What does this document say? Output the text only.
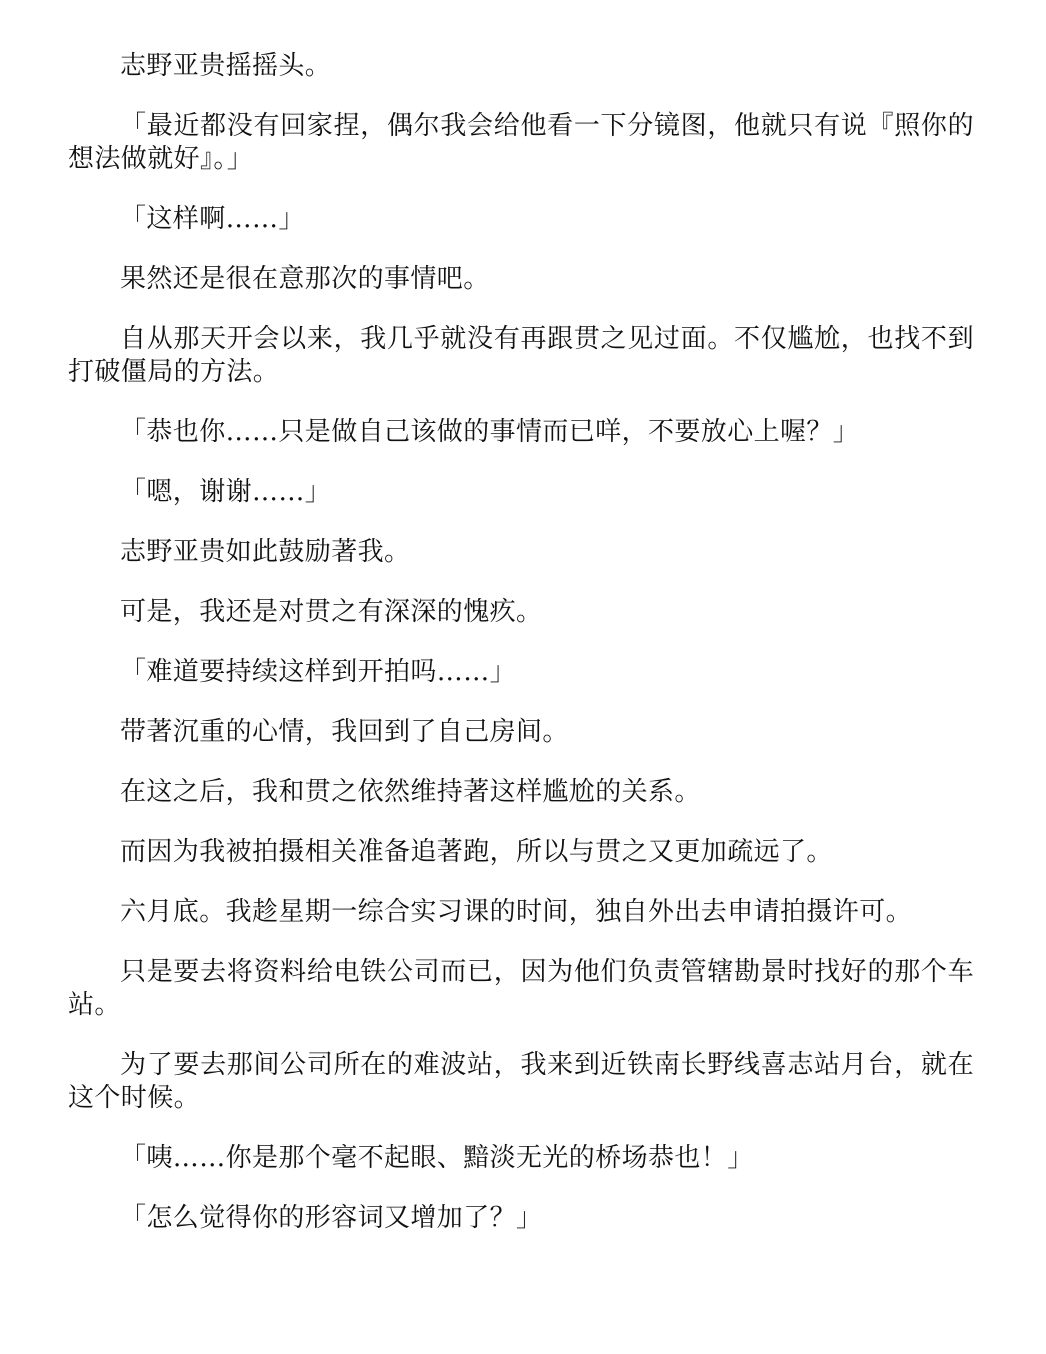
志野亚贵摇摇头。

「最近都没有回家捏，偶尔我会给他看一下分镜图，他就只有说『照你的想法做就好』。」

「这样啊……」

果然还是很在意那次的事情吧。

自从那天开会以来，我几乎就没有再跟贯之见过面。不仅尴尬，也找不到打破僵局的方法。

「恭也你……只是做自己该做的事情而已咩，不要放心上喔？」

「嗯，谢谢……」

志野亚贵如此鼓励著我。

可是，我还是对贯之有深深的愧疚。

「难道要持续这样到开拍吗……」

带著沉重的心情，我回到了自己房间。

在这之后，我和贯之依然维持著这样尴尬的关系。

而因为我被拍摄相关准备追著跑，所以与贯之又更加疏远了。

六月底。我趁星期一综合实习课的时间，独自外出去申请拍摄许可。

只是要去将资料给电铁公司而已，因为他们负责管辖勘景时找好的那个车站。

为了要去那间公司所在的难波站，我来到近铁南长野线喜志站月台，就在这个时候。

「咦……你是那个毫不起眼、黯淡无光的桥场恭也！」

「怎么觉得你的形容词又增加了？」
